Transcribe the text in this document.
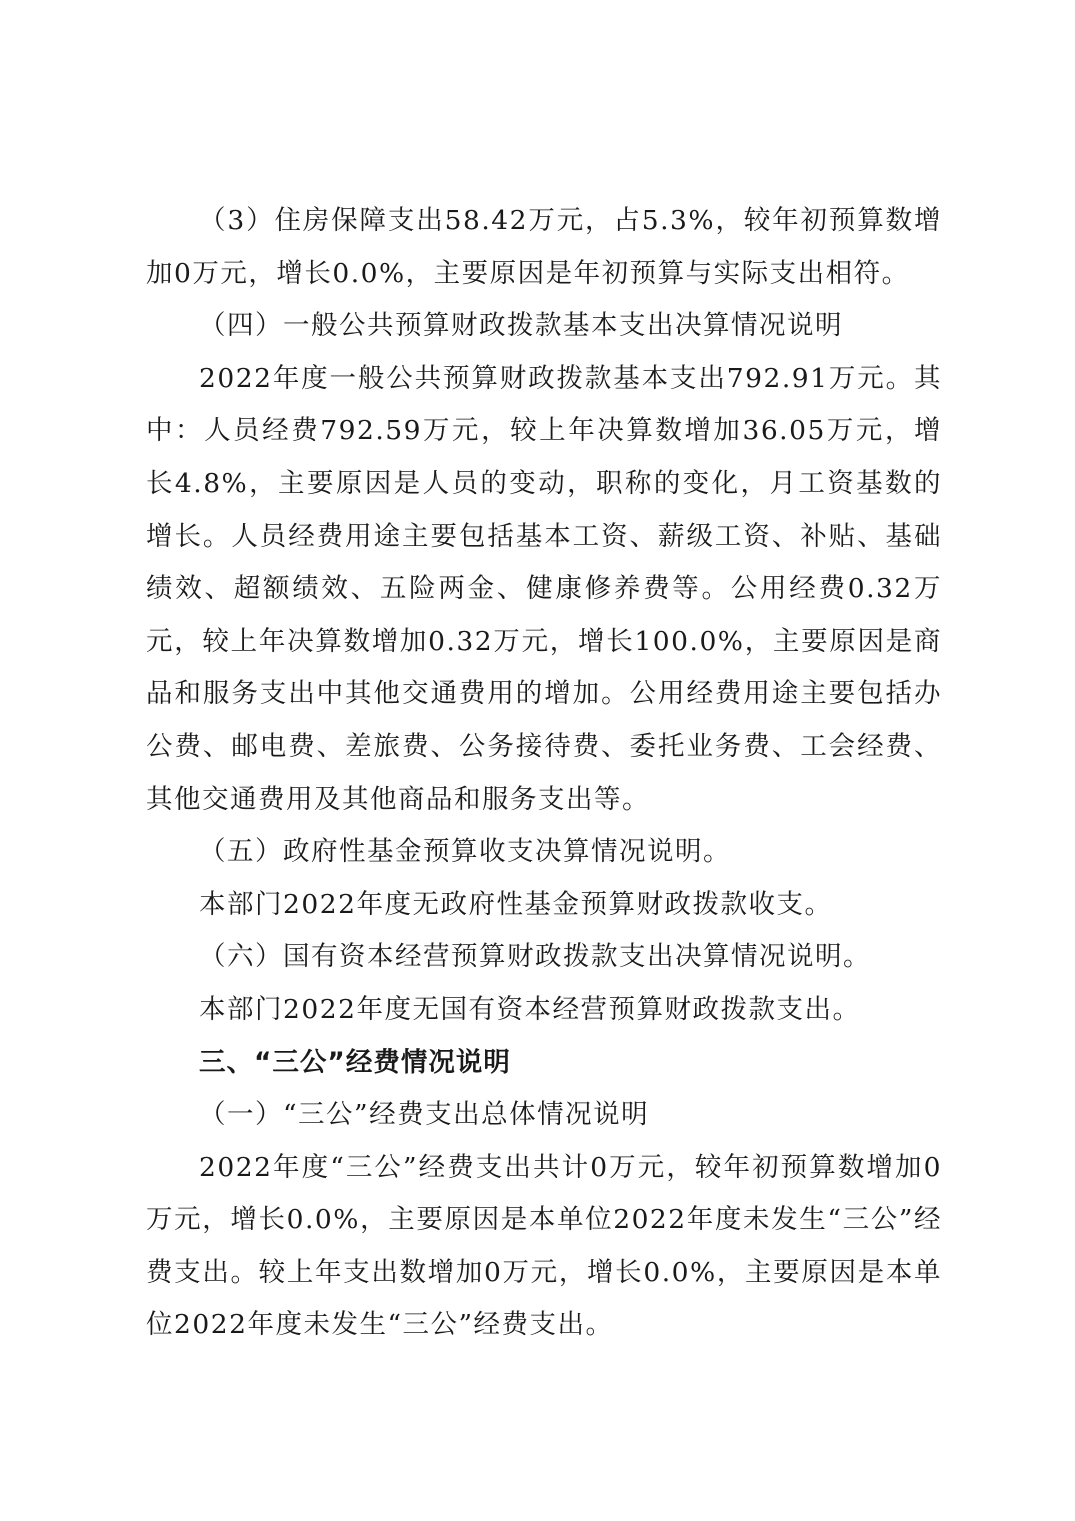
（3）住房保障支出58.42万元，占5.3%，较年初预算数增加0万元，增长0.0%，主要原因是年初预算与实际支出相符。

（四）一般公共预算财政拨款基本支出决算情况说明

2022年度一般公共预算财政拨款基本支出792.91万元。其中：人员经费792.59万元，较上年决算数增加36.05万元，增长4.8%，主要原因是人员的变动，职称的变化，月工资基数的增长。人员经费用途主要包括基本工资、薪级工资、补贴、基础绩效、超额绩效、五险两金、健康修养费等。公用经费0.32万元，较上年决算数增加0.32万元，增长100.0%，主要原因是商品和服务支出中其他交通费用的增加。公用经费用途主要包括办公费、邮电费、差旅费、公务接待费、委托业务费、工会经费、其他交通费用及其他商品和服务支出等。

（五）政府性基金预算收支决算情况说明。

本部门2022年度无政府性基金预算财政拨款收支。

（六）国有资本经营预算财政拨款支出决算情况说明。

本部门2022年度无国有资本经营预算财政拨款支出。

三、“三公”经费情况说明

（一）“三公”经费支出总体情况说明

2022年度“三公”经费支出共计0万元，较年初预算数增加0万元，增长0.0%，主要原因是本单位2022年度未发生“三公”经费支出。较上年支出数增加0万元，增长0.0%，主要原因是本单位2022年度未发生“三公”经费支出。
